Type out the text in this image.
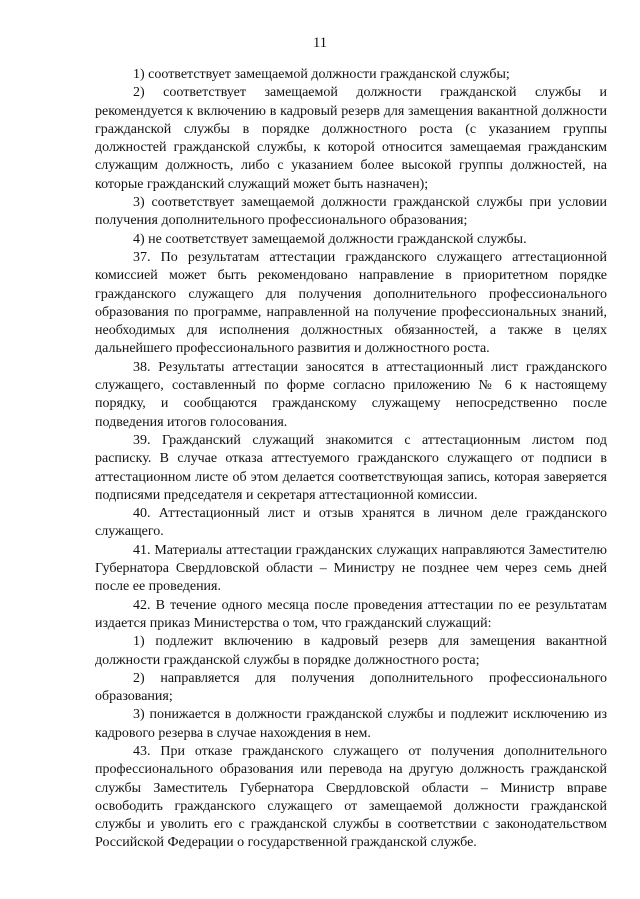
11

1) соответствует замещаемой должности гражданской службы;

2) соответствует замещаемой должности гражданской службы и рекомендуется к включению в кадровый резерв для замещения вакантной должности гражданской службы в порядке должностного роста (с указанием группы должностей гражданской службы, к которой относится замещаемая гражданским служащим должность, либо с указанием более высокой группы должностей, на которые гражданский служащий может быть назначен);

3) соответствует замещаемой должности гражданской службы при условии получения дополнительного профессионального образования;

4) не соответствует замещаемой должности гражданской службы.

37. По результатам аттестации гражданского служащего аттестационной комиссией может быть рекомендовано направление в приоритетном порядке гражданского служащего для получения дополнительного профессионального образования по программе, направленной на получение профессиональных знаний, необходимых для исполнения должностных обязанностей, а также в целях дальнейшего профессионального развития и должностного роста.

38. Результаты аттестации заносятся в аттестационный лист гражданского служащего, составленный по форме согласно приложению № 6 к настоящему порядку, и сообщаются гражданскому служащему непосредственно после подведения итогов голосования.

39. Гражданский служащий знакомится с аттестационным листом под расписку. В случае отказа аттестуемого гражданского служащего от подписи в аттестационном листе об этом делается соответствующая запись, которая заверяется подписями председателя и секретаря аттестационной комиссии.

40. Аттестационный лист и отзыв хранятся в личном деле гражданского служащего.

41. Материалы аттестации гражданских служащих направляются Заместителю Губернатора Свердловской области – Министру не позднее чем через семь дней после ее проведения.

42. В течение одного месяца после проведения аттестации по ее результатам издается приказ Министерства о том, что гражданский служащий:

1) подлежит включению в кадровый резерв для замещения вакантной должности гражданской службы в порядке должностного роста;

2) направляется для получения дополнительного профессионального образования;

3) понижается в должности гражданской службы и подлежит исключению из кадрового резерва в случае нахождения в нем.

43. При отказе гражданского служащего от получения дополнительного профессионального образования или перевода на другую должность гражданской службы Заместитель Губернатора Свердловской области – Министр вправе освободить гражданского служащего от замещаемой должности гражданской службы и уволить его с гражданской службы в соответствии с законодательством Российской Федерации о государственной гражданской службе.
